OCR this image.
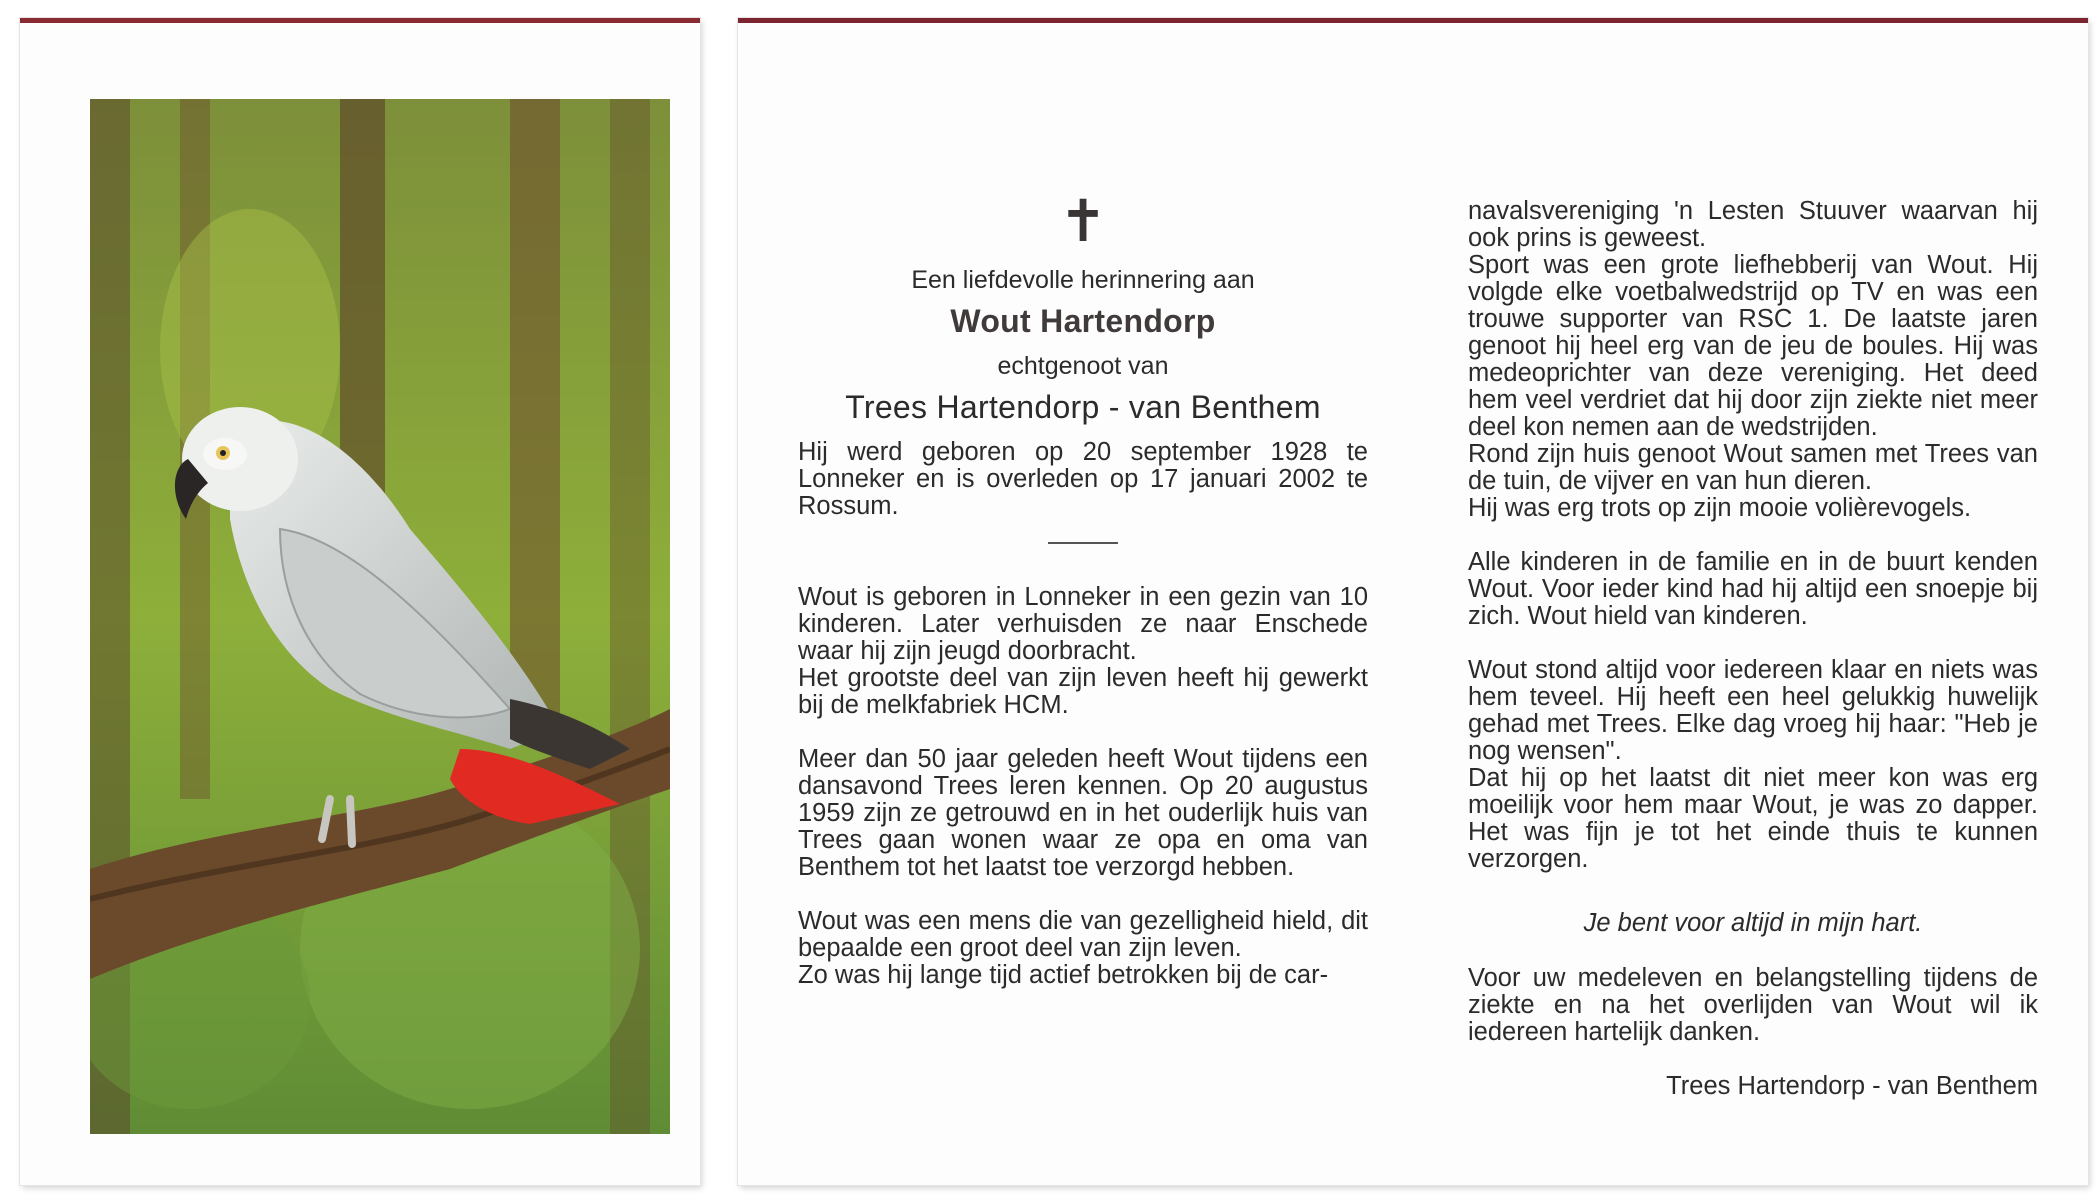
✝
Een liefdevolle herinnering aan
Wout Hartendorp
echtgenoot van
Trees Hartendorp - van Benthem

Hij werd geboren op 20 september 1928 te Lonneker en is overleden op 17 januari 2002 te Rossum.

Wout is geboren in Lonneker in een gezin van 10 kinderen. Later verhuisden ze naar Enschede waar hij zijn jeugd doorbracht.

Het grootste deel van zijn leven heeft hij gewerkt bij de melkfabriek HCM.

Meer dan 50 jaar geleden heeft Wout tijdens een dansavond Trees leren kennen. Op 20 augustus 1959 zijn ze getrouwd en in het ouderlijk huis van Trees gaan wonen waar ze opa en oma van Benthem tot het laatst toe verzorgd hebben.

Wout was een mens die van gezelligheid hield, dit bepaalde een groot deel van zijn leven.

Zo was hij lange tijd actief betrokken bij de car-

navalsvereniging 'n Lesten Stuuver waarvan hij ook prins is geweest.

Sport was een grote liefhebberij van Wout. Hij volgde elke voetbalwedstrijd op TV en was een trouwe supporter van RSC 1. De laatste jaren genoot hij heel erg van de jeu de boules. Hij was medeoprichter van deze vereniging. Het deed hem veel verdriet dat hij door zijn ziekte niet meer deel kon nemen aan de wedstrijden.

Rond zijn huis genoot Wout samen met Trees van de tuin, de vijver en van hun dieren.

Hij was erg trots op zijn mooie volièrevogels.

Alle kinderen in de familie en in de buurt kenden Wout. Voor ieder kind had hij altijd een snoepje bij zich. Wout hield van kinderen.

Wout stond altijd voor iedereen klaar en niets was hem teveel. Hij heeft een heel gelukkig huwelijk gehad met Trees. Elke dag vroeg hij haar: "Heb je nog wensen".

Dat hij op het laatst dit niet meer kon was erg moeilijk voor hem maar Wout, je was zo dapper. Het was fijn je tot het einde thuis te kunnen verzorgen.

Je bent voor altijd in mijn hart.

Voor uw medeleven en belangstelling tijdens de ziekte en na het overlijden van Wout wil ik iedereen hartelijk danken.

Trees Hartendorp - van Benthem
